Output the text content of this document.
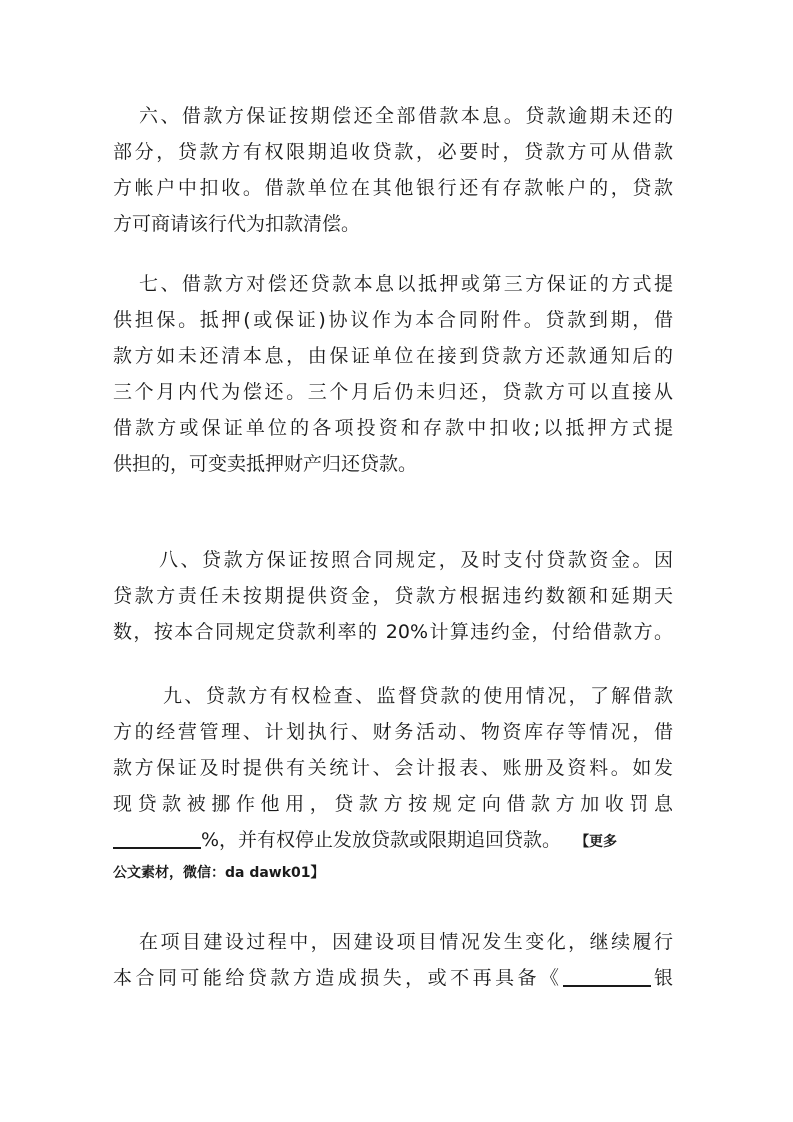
六、借款方保证按期偿还全部借款本息。贷款逾期未还的
部分，贷款方有权限期追收贷款，必要时，贷款方可从借款
方帐户中扣收。借款单位在其他银行还有存款帐户的，贷款
方可商请该行代为扣款清偿。
七、借款方对偿还贷款本息以抵押或第三方保证的方式提
供担保。抵押(或保证)协议作为本合同附件。贷款到期，借
款方如未还清本息，由保证单位在接到贷款方还款通知后的
三个月内代为偿还。三个月后仍未归还，贷款方可以直接从
借款方或保证单位的各项投资和存款中扣收;以抵押方式提
供担的，可变卖抵押财产归还贷款。
八、贷款方保证按照合同规定，及时支付贷款资金。因
贷款方责任未按期提供资金，贷款方根据违约数额和延期天
数，按本合同规定贷款利率的 20%计算违约金，付给借款方。
九、贷款方有权检查、监督贷款的使用情况，了解借款
方的经营管理、计划执行、财务活动、物资库存等情况，借
款方保证及时提供有关统计、会计报表、账册及资料。如发
现贷款被挪作他用，贷款方按规定向借款方加收罚息
%，并有权停止发放贷款或限期追回贷款。 【更多
公文素材，微信：da dawk01】
在项目建设过程中，因建设项目情况发生变化，继续履行
本合同可能给贷款方造成损失，或不再具备《	银
